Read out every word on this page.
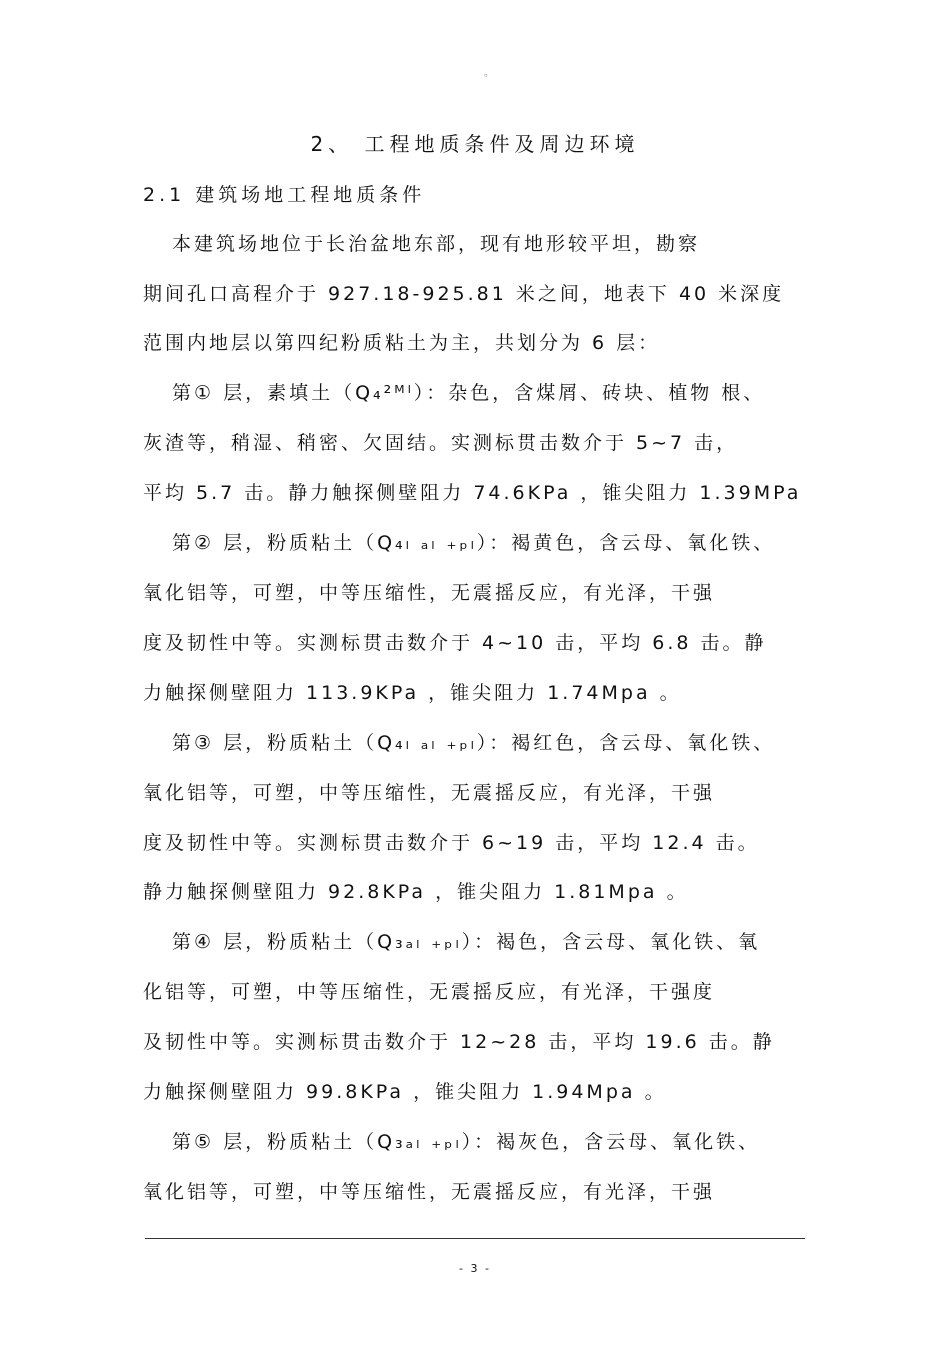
。
2、 工程地质条件及周边环境
2.1 建筑场地工程地质条件
本建筑场地位于长治盆地东部，现有地形较平坦，勘察
期间孔口高程介于 927.18-925.81 米之间，地表下 40 米深度
范围内地层以第四纪粉质粘土为主，共划分为 6 层：
第① 层，素填土（Q₄²ᴹˡ）：杂色，含煤屑、砖块、植物 根、
灰渣等，稍湿、稍密、欠固结。实测标贯击数介于 5~7 击，
平均 5.7 击。静力触探侧壁阻力 74.6KPa ，锥尖阻力 1.39MPa
第② 层，粉质粘土（Q₄ₗ ₐₗ ₊ₚₗ）：褐黄色，含云母、氧化铁、
氧化铝等，可塑，中等压缩性，无震摇反应，有光泽，干强
度及韧性中等。实测标贯击数介于 4~10 击，平均 6.8 击。静
力触探侧壁阻力 113.9KPa ，锥尖阻力 1.74Mpa 。
第③ 层，粉质粘土（Q₄ₗ ₐₗ ₊ₚₗ）：褐红色，含云母、氧化铁、
氧化铝等，可塑，中等压缩性，无震摇反应，有光泽，干强
度及韧性中等。实测标贯击数介于 6~19 击，平均 12.4 击。
静力触探侧壁阻力 92.8KPa ，锥尖阻力 1.81Mpa 。
第④ 层，粉质粘土（Q₃ₐₗ ₊ₚₗ）：褐色，含云母、氧化铁、氧
化铝等，可塑，中等压缩性，无震摇反应，有光泽，干强度
及韧性中等。实测标贯击数介于 12~28 击，平均 19.6 击。静
力触探侧壁阻力 99.8KPa ，锥尖阻力 1.94Mpa 。
第⑤ 层，粉质粘土（Q₃ₐₗ ₊ₚₗ）：褐灰色，含云母、氧化铁、
氧化铝等，可塑，中等压缩性，无震摇反应，有光泽，干强
- 3 -
